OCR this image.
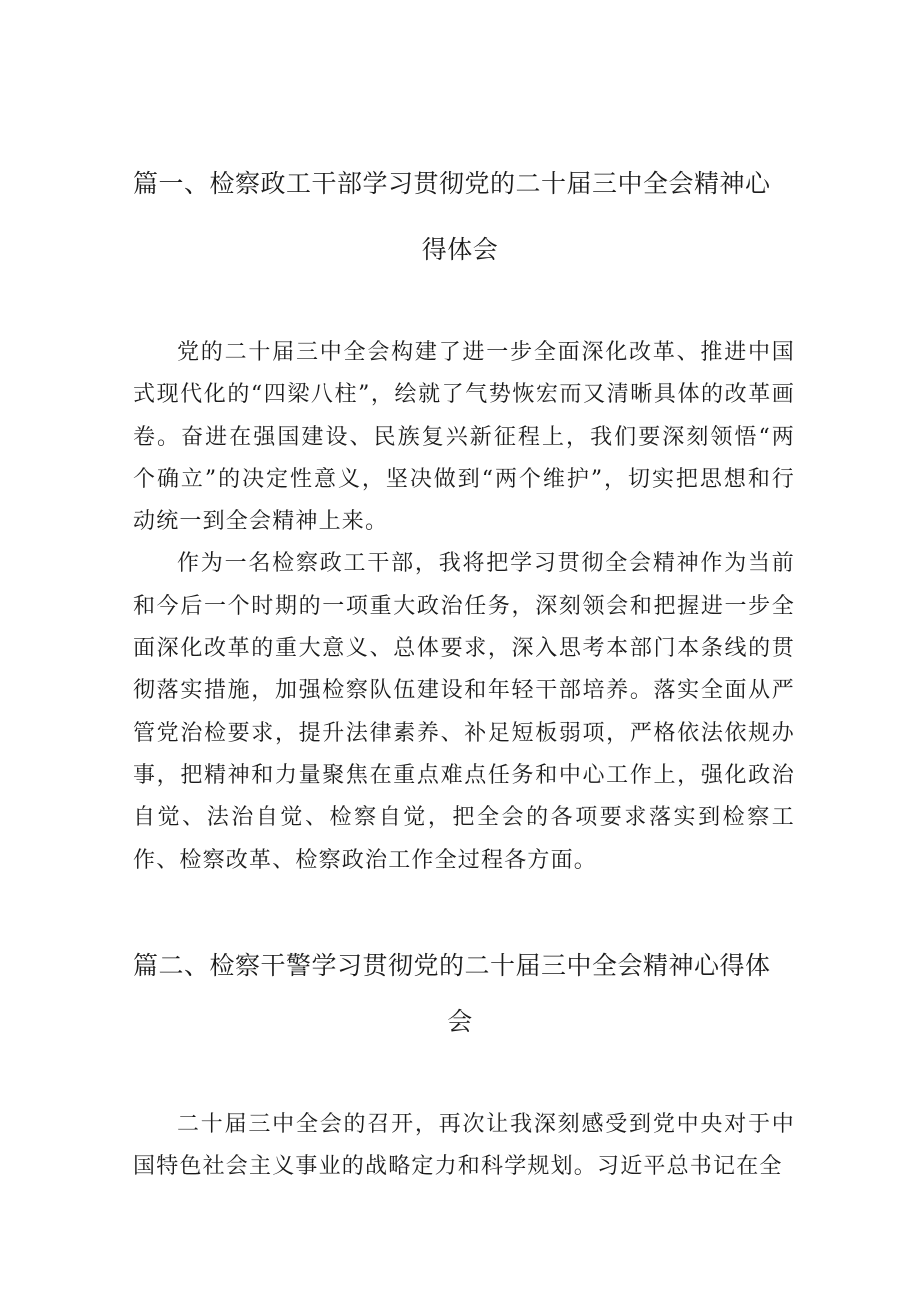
篇一、检察政工干部学习贯彻党的二十届三中全会精神心
得体会

党的二十届三中全会构建了进一步全面深化改革、推进中国式现代化的“四梁八柱”，绘就了气势恢宏而又清晰具体的改革画卷。奋进在强国建设、民族复兴新征程上，我们要深刻领悟“两个确立”的决定性意义，坚决做到“两个维护”，切实把思想和行动统一到全会精神上来。

作为一名检察政工干部，我将把学习贯彻全会精神作为当前和今后一个时期的一项重大政治任务，深刻领会和把握进一步全面深化改革的重大意义、总体要求，深入思考本部门本条线的贯彻落实措施，加强检察队伍建设和年轻干部培养。落实全面从严管党治检要求，提升法律素养、补足短板弱项，严格依法依规办事，把精神和力量聚焦在重点难点任务和中心工作上，强化政治自觉、法治自觉、检察自觉，把全会的各项要求落实到检察工作、检察改革、检察政治工作全过程各方面。

篇二、检察干警学习贯彻党的二十届三中全会精神心得体
会

二十届三中全会的召开，再次让我深刻感受到党中央对于中国特色社会主义事业的战略定力和科学规划。习近平总书记在全
